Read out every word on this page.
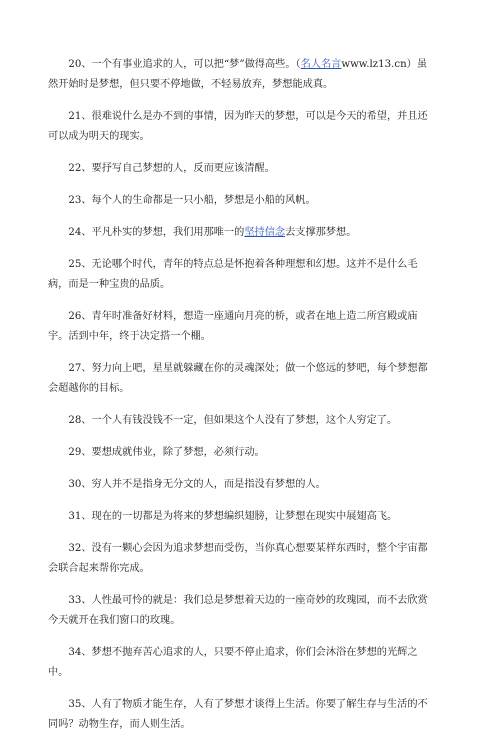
20、一个有事业追求的人，可以把“梦”做得高些。（名人名言www.lz13.cn）虽然开始时是梦想，但只要不停地做，不轻易放弃，梦想能成真。

21、很难说什么是办不到的事情，因为昨天的梦想，可以是今天的希望，并且还可以成为明天的现实。

22、要抒写自己梦想的人，反而更应该清醒。

23、每个人的生命都是一只小船，梦想是小船的风帆。

24、平凡朴实的梦想，我们用那唯一的坚持信念去支撑那梦想。

25、无论哪个时代，青年的特点总是怀抱着各种理想和幻想。这并不是什么毛病，而是一种宝贵的品质。

26、青年时准备好材料，想造一座通向月亮的桥，或者在地上造二所宫殿或庙宇。活到中年，终于决定搭一个棚。

27、努力向上吧，星星就躲藏在你的灵魂深处；做一个悠远的梦吧，每个梦想都会超越你的目标。

28、一个人有钱没钱不一定，但如果这个人没有了梦想，这个人穷定了。

29、要想成就伟业，除了梦想，必须行动。

30、穷人并不是指身无分文的人，而是指没有梦想的人。

31、现在的一切都是为将来的梦想编织翅膀，让梦想在现实中展翅高飞。

32、没有一颗心会因为追求梦想而受伤，当你真心想要某样东西时，整个宇宙都会联合起来帮你完成。

33、人性最可怜的就是：我们总是梦想着天边的一座奇妙的玫瑰园，而不去欣赏今天就开在我们窗口的玫瑰。

34、梦想不抛弃苦心追求的人，只要不停止追求，你们会沐浴在梦想的光辉之中。

35、人有了物质才能生存，人有了梦想才谈得上生活。你要了解生存与生活的不同吗？动物生存，而人则生活。
